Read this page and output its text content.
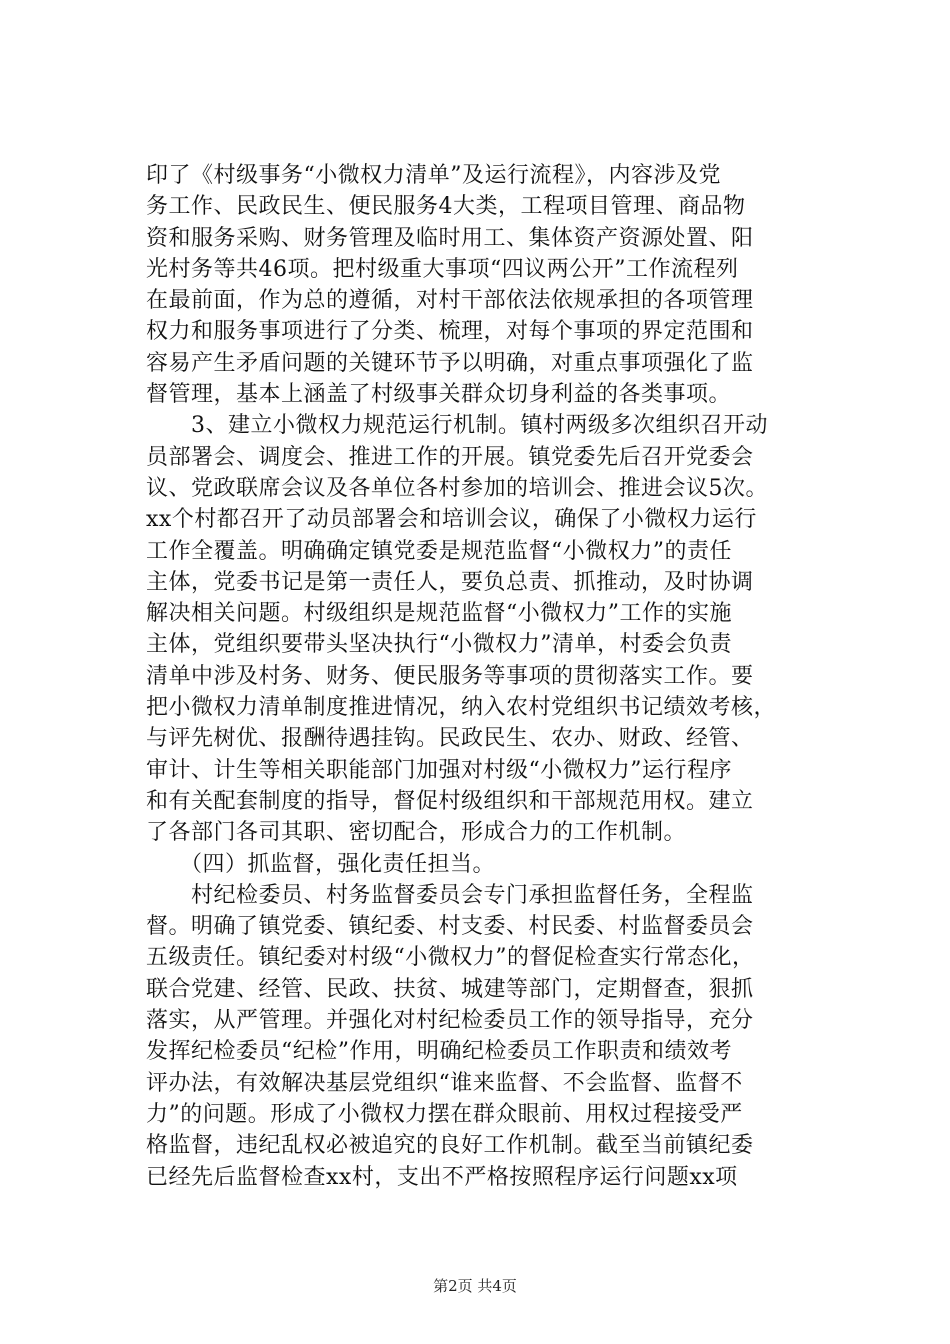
印了《村级事务“小微权力清单”及运行流程》，内容涉及党
务工作、民政民生、便民服务4大类，工程项目管理、商品物
资和服务采购、财务管理及临时用工、集体资产资源处置、阳
光村务等共46项。把村级重大事项“四议两公开”工作流程列
在最前面，作为总的遵循，对村干部依法依规承担的各项管理
权力和服务事项进行了分类、梳理，对每个事项的界定范围和
容易产生矛盾问题的关键环节予以明确，对重点事项强化了监
督管理，基本上涵盖了村级事关群众切身利益的各类事项。
　　3、建立小微权力规范运行机制。镇村两级多次组织召开动
员部署会、调度会、推进工作的开展。镇党委先后召开党委会
议、党政联席会议及各单位各村参加的培训会、推进会议5次。
xx个村都召开了动员部署会和培训会议，确保了小微权力运行
工作全覆盖。明确确定镇党委是规范监督“小微权力”的责任
主体，党委书记是第一责任人，要负总责、抓推动，及时协调
解决相关问题。村级组织是规范监督“小微权力”工作的实施
主体，党组织要带头坚决执行“小微权力”清单，村委会负责
清单中涉及村务、财务、便民服务等事项的贯彻落实工作。要
把小微权力清单制度推进情况，纳入农村党组织书记绩效考核，
与评先树优、报酬待遇挂钩。民政民生、农办、财政、经管、
审计、计生等相关职能部门加强对村级“小微权力”运行程序
和有关配套制度的指导，督促村级组织和干部规范用权。建立
了各部门各司其职、密切配合，形成合力的工作机制。
　　（四）抓监督，强化责任担当。
　　村纪检委员、村务监督委员会专门承担监督任务，全程监
督。明确了镇党委、镇纪委、村支委、村民委、村监督委员会
五级责任。镇纪委对村级“小微权力”的督促检查实行常态化，
联合党建、经管、民政、扶贫、城建等部门，定期督查，狠抓
落实，从严管理。并强化对村纪检委员工作的领导指导，充分
发挥纪检委员“纪检”作用，明确纪检委员工作职责和绩效考
评办法，有效解决基层党组织“谁来监督、不会监督、监督不
力”的问题。形成了小微权力摆在群众眼前、用权过程接受严
格监督，违纪乱权必被追究的良好工作机制。截至当前镇纪委
已经先后监督检查xx村，支出不严格按照程序运行问题xx项
第2页 共4页
